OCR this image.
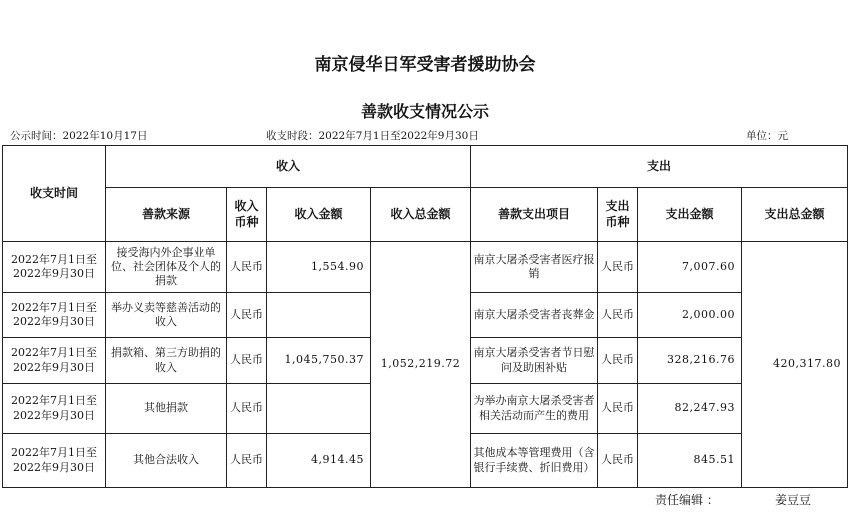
南京侵华日军受害者援助协会
善款收支情况公示
公示时间：2022年10月17日	收支时段：2022年7月1日至2022年9月30日	单位：元
收支时间	收入				支出			
	善款来源	收入币种	收入金额	收入总金额	善款支出项目	支出币种	支出金额	支出总金额
2022年7月1日至2022年9月30日	接受海内外企事业单位、社会团体及个人的捐款	人民币	1,554.90	1,052,219.72	南京大屠杀受害者医疗报销	人民币	7,007.60	420,317.80
2022年7月1日至2022年9月30日	举办义卖等慈善活动的收入	人民币			南京大屠杀受害者丧葬金	人民币	2,000.00	
2022年7月1日至2022年9月30日	捐款箱、第三方助捐的收入	人民币	1,045,750.37		南京大屠杀受害者节日慰问及助困补贴	人民币	328,216.76	
2022年7月1日至2022年9月30日	其他捐款	人民币			为举办南京大屠杀受害者相关活动而产生的费用	人民币	82,247.93	
2022年7月1日至2022年9月30日	其他合法收入	人民币	4,914.45		其他成本等管理费用（含银行手续费、折旧费用）	人民币	845.51	
责任编辑 ：	姜豆豆
